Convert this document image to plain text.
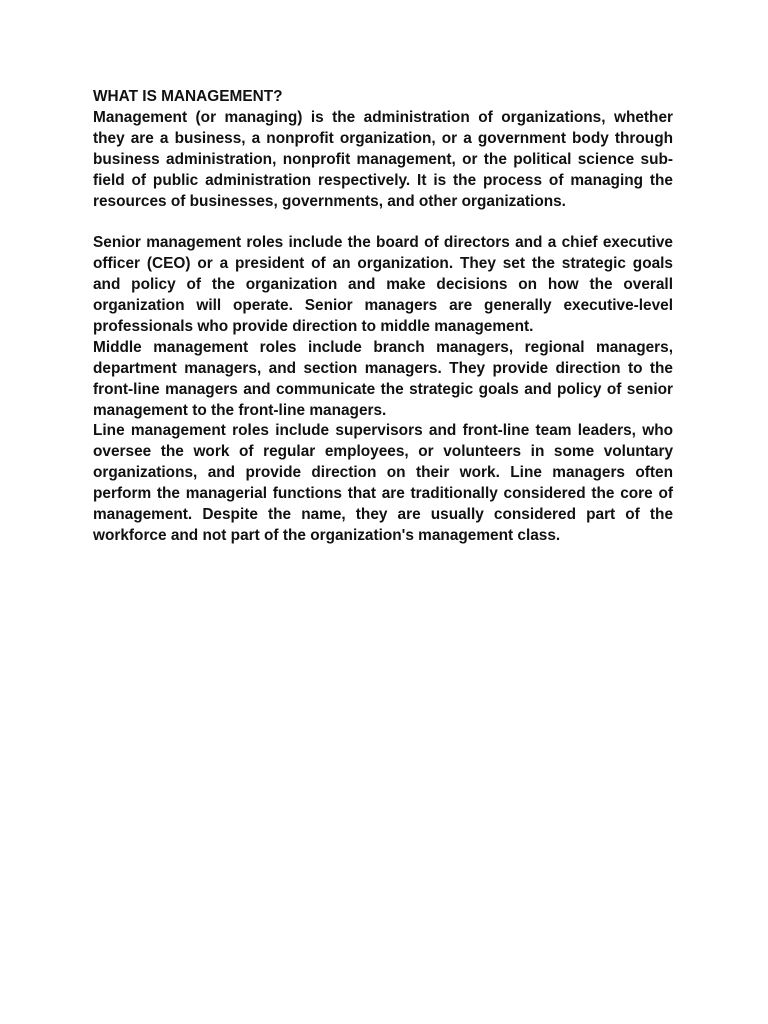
WHAT IS MANAGEMENT?

Management (or managing) is the administration of organizations, whether they are a business, a nonprofit organization, or a government body through business administration, nonprofit management, or the political science sub-field of public administration respectively. It is the process of managing the resources of businesses, governments, and other organizations.

Senior management roles include the board of directors and a chief executive officer (CEO) or a president of an organization. They set the strategic goals and policy of the organization and make decisions on how the overall organization will operate. Senior managers are generally executive-level professionals who provide direction to middle management.

Middle management roles include branch managers, regional managers, department managers, and section managers. They provide direction to the front-line managers and communicate the strategic goals and policy of senior management to the front-line managers.

Line management roles include supervisors and front-line team leaders, who oversee the work of regular employees, or volunteers in some voluntary organizations, and provide direction on their work. Line managers often perform the managerial functions that are traditionally considered the core of management. Despite the name, they are usually considered part of the workforce and not part of the organization's management class.
